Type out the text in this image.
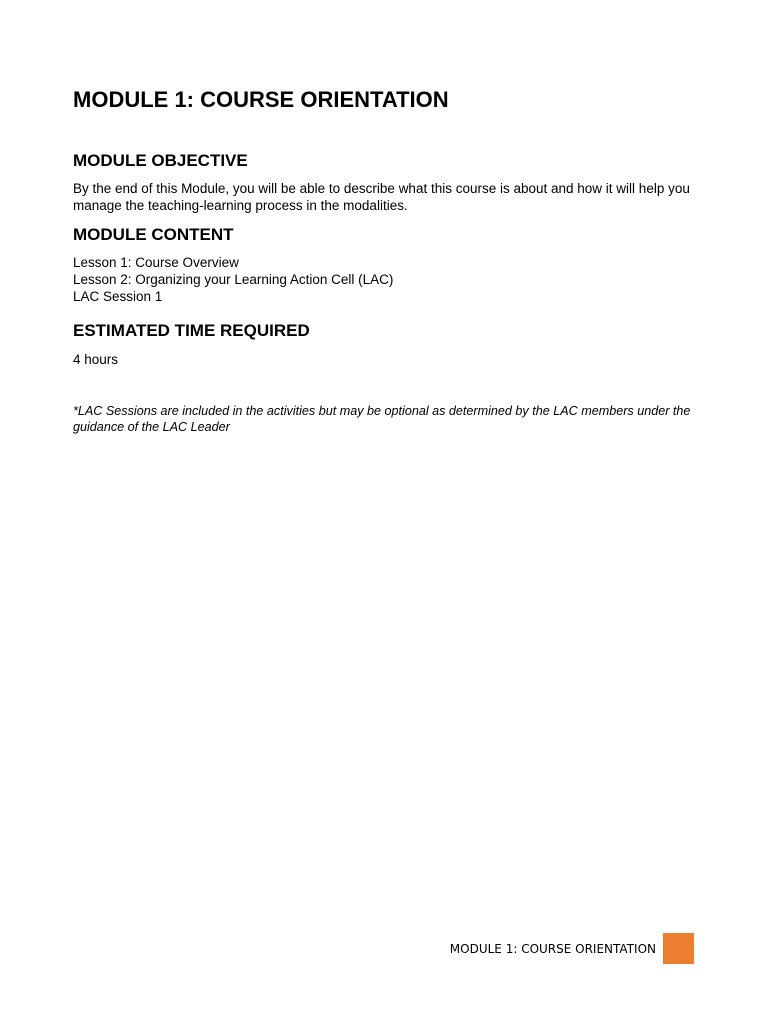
MODULE 1: COURSE ORIENTATION
MODULE OBJECTIVE

By the end of this Module, you will be able to describe what this course is about and how it will help you manage the teaching-learning process in the modalities.

MODULE CONTENT
Lesson 1: Course Overview
Lesson 2: Organizing your Learning Action Cell (LAC)
LAC Session 1
ESTIMATED TIME REQUIRED

4 hours

*LAC Sessions are included in the activities but may be optional as determined by the LAC members under the guidance of the LAC Leader

MODULE 1: COURSE ORIENTATION
